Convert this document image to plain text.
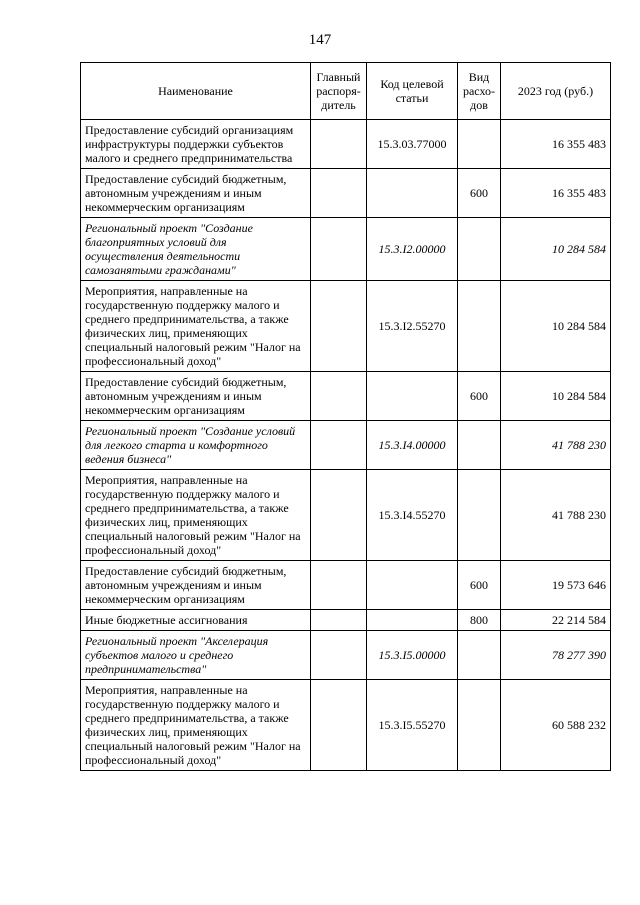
147
Наименование	Главный распоря-дитель	Код целевой статьи	Вид расхо-дов	2023 год (руб.)
Предоставление субсидий организациям инфраструктуры поддержки субъектов малого и среднего предпринимательства		15.3.03.77000		16 355 483
Предоставление субсидий бюджетным, автономным учреждениям и иным некоммерческим организациям			600	16 355 483
Региональный проект "Создание благоприятных условий для осуществления деятельности самозанятыми гражданами"		15.3.I2.00000		10 284 584
Мероприятия, направленные на государственную поддержку малого и среднего предпринимательства, а также физических лиц, применяющих специальный налоговый режим "Налог на профессиональный доход"		15.3.I2.55270		10 284 584
Предоставление субсидий бюджетным, автономным учреждениям и иным некоммерческим организациям			600	10 284 584
Региональный проект "Создание условий для легкого старта и комфортного ведения бизнеса"		15.3.I4.00000		41 788 230
Мероприятия, направленные на государственную поддержку малого и среднего предпринимательства, а также физических лиц, применяющих специальный налоговый режим "Налог на профессиональный доход"		15.3.I4.55270		41 788 230
Предоставление субсидий бюджетным, автономным учреждениям и иным некоммерческим организациям			600	19 573 646
Иные бюджетные ассигнования			800	22 214 584
Региональный проект "Акселерация субъектов малого и среднего предпринимательства"		15.3.I5.00000		78 277 390
Мероприятия, направленные на государственную поддержку малого и среднего предпринимательства, а также физических лиц, применяющих специальный налоговый режим "Налог на профессиональный доход"		15.3.I5.55270		60 588 232
